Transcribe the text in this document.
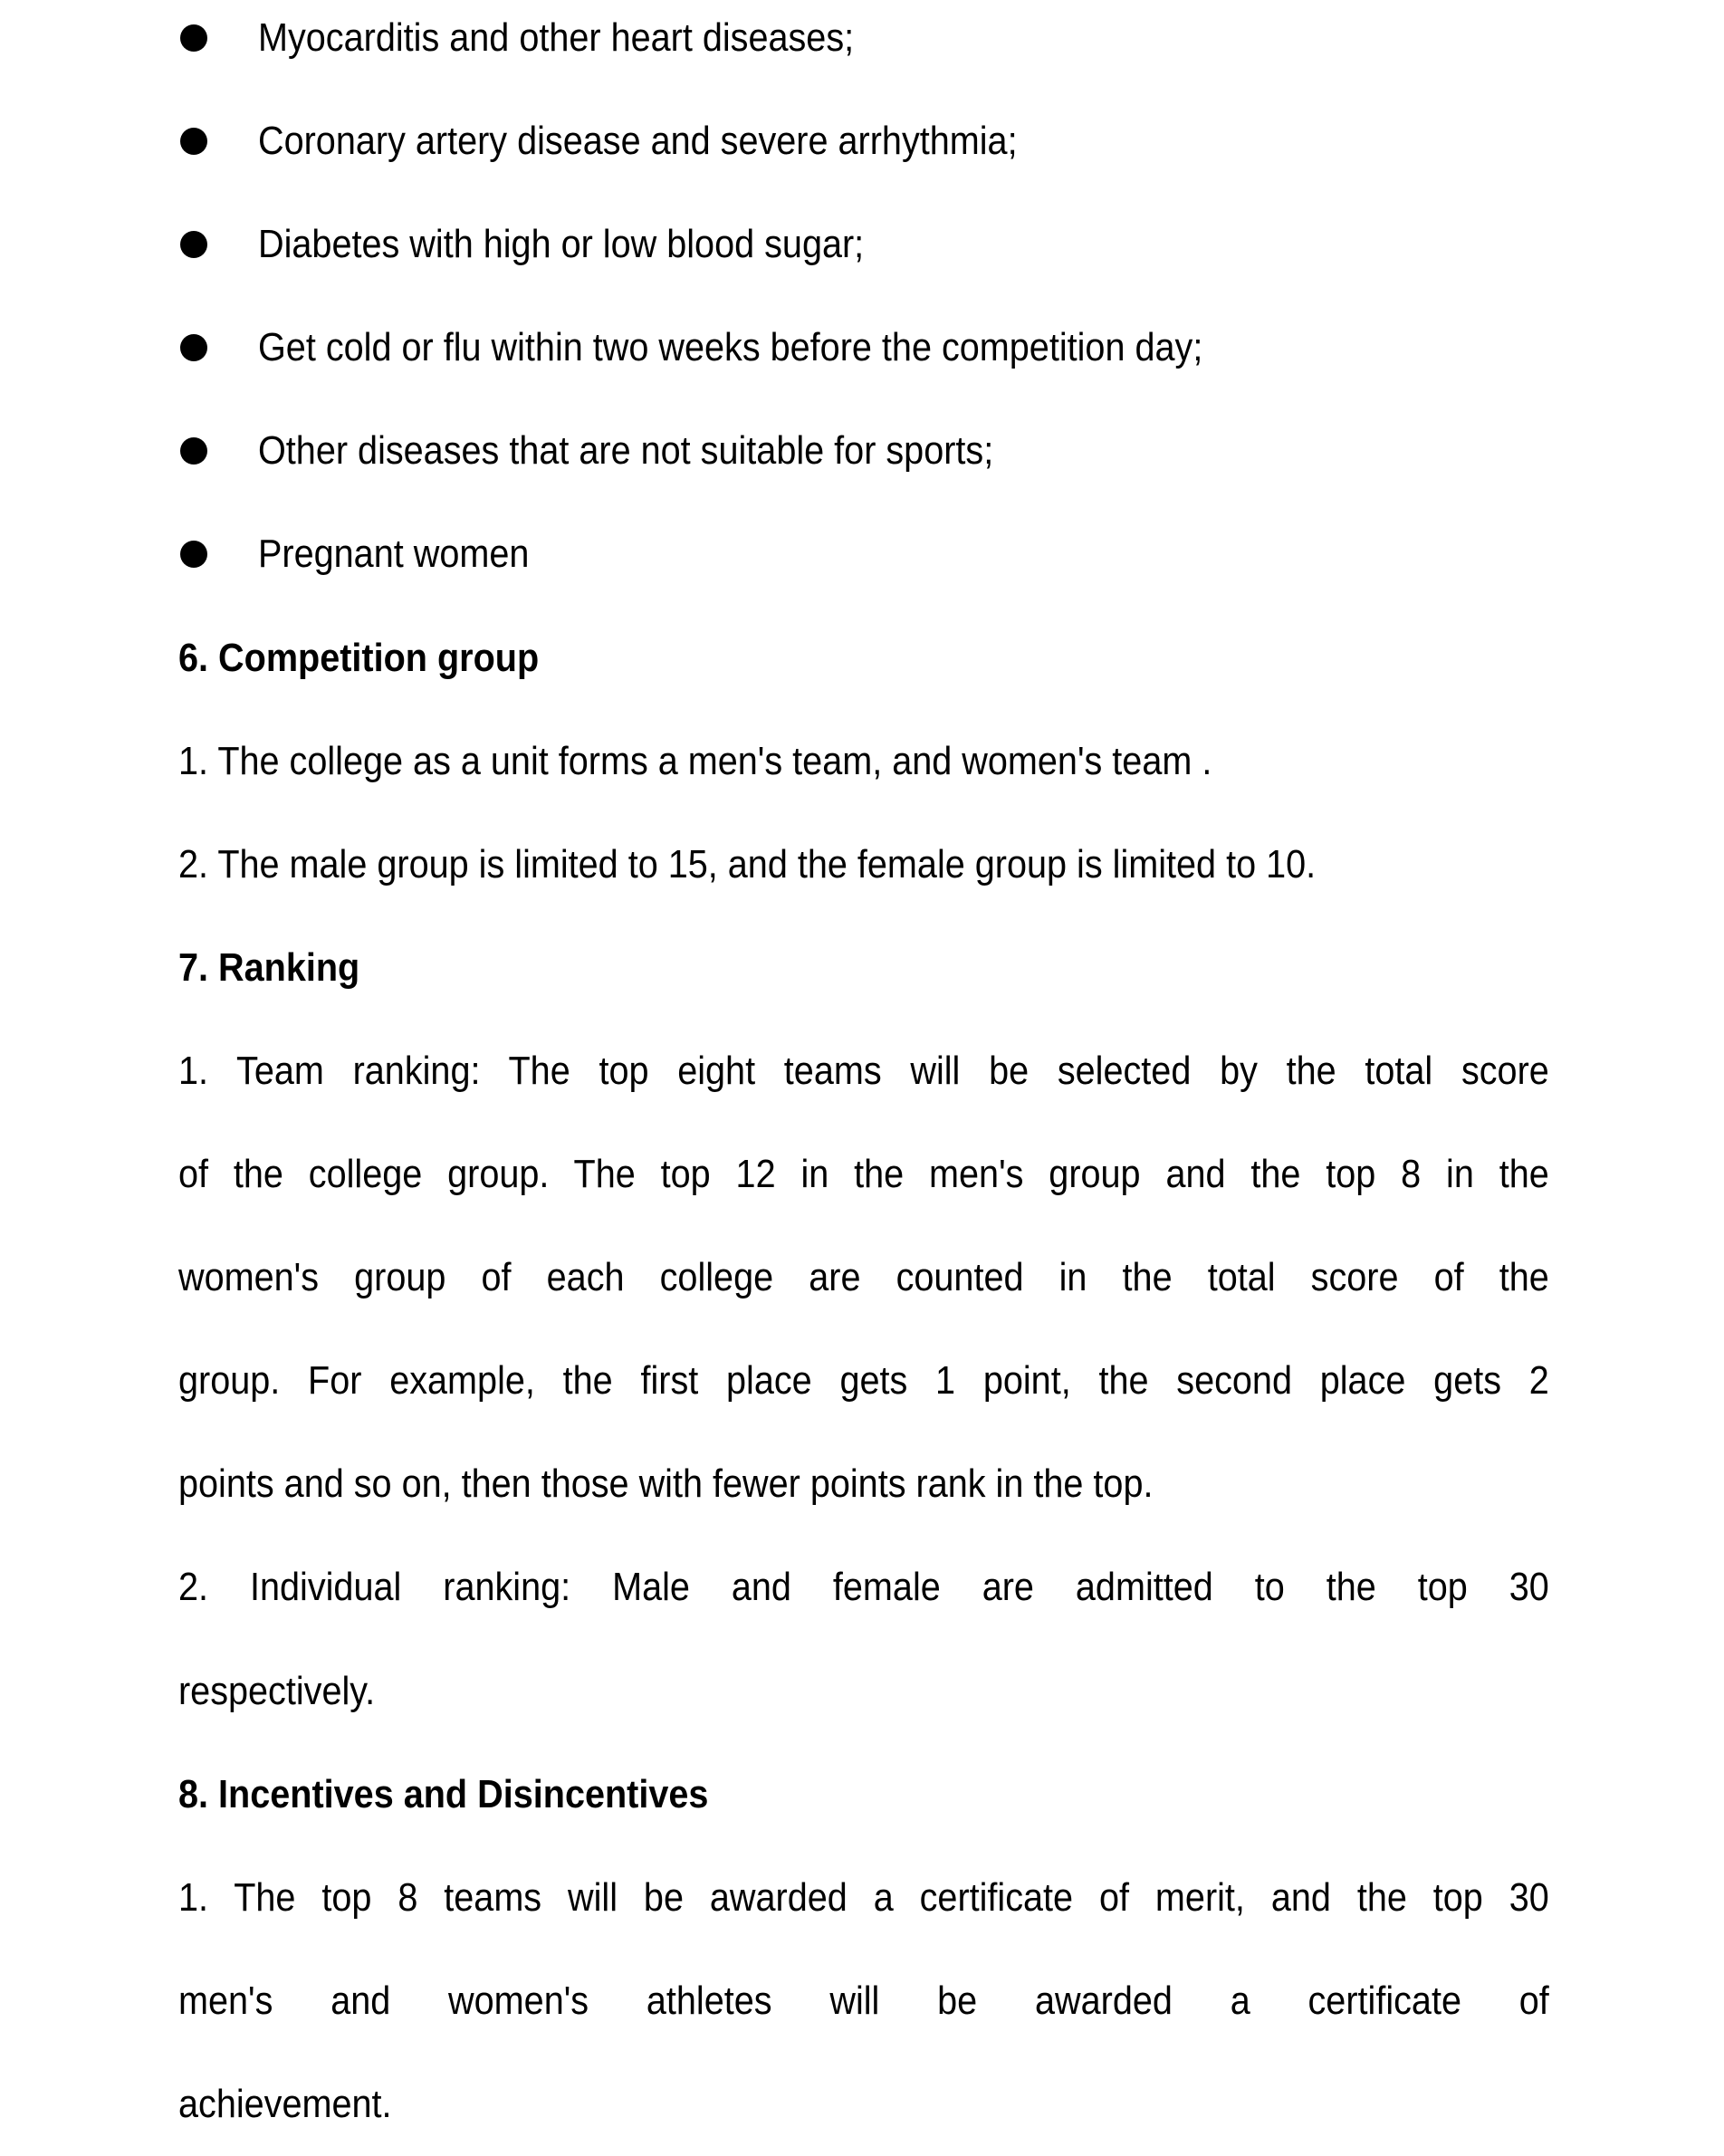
Myocarditis and other heart diseases;
Coronary artery disease and severe arrhythmia;
Diabetes with high or low blood sugar;
Get cold or flu within two weeks before the competition day;
Other diseases that are not suitable for sports;
Pregnant women
6. Competition group
1. The college as a unit forms a men's team, and women's team .
2. The male group is limited to 15, and the female group is limited to 10.
7. Ranking
1. Team ranking: The top eight teams will be selected by the total score
of the college group. The top 12 in the men's group and the top 8 in the
women's group of each college are counted in the total score of the
group. For example, the first place gets 1 point, the second place gets 2
points and so on, then those with fewer points rank in the top.
2. Individual ranking: Male and female are admitted to the top 30
respectively.
8. Incentives and Disincentives
1. The top 8 teams will be awarded a certificate of merit, and the top 30
men's and women's athletes will be awarded a certificate of
achievement.
